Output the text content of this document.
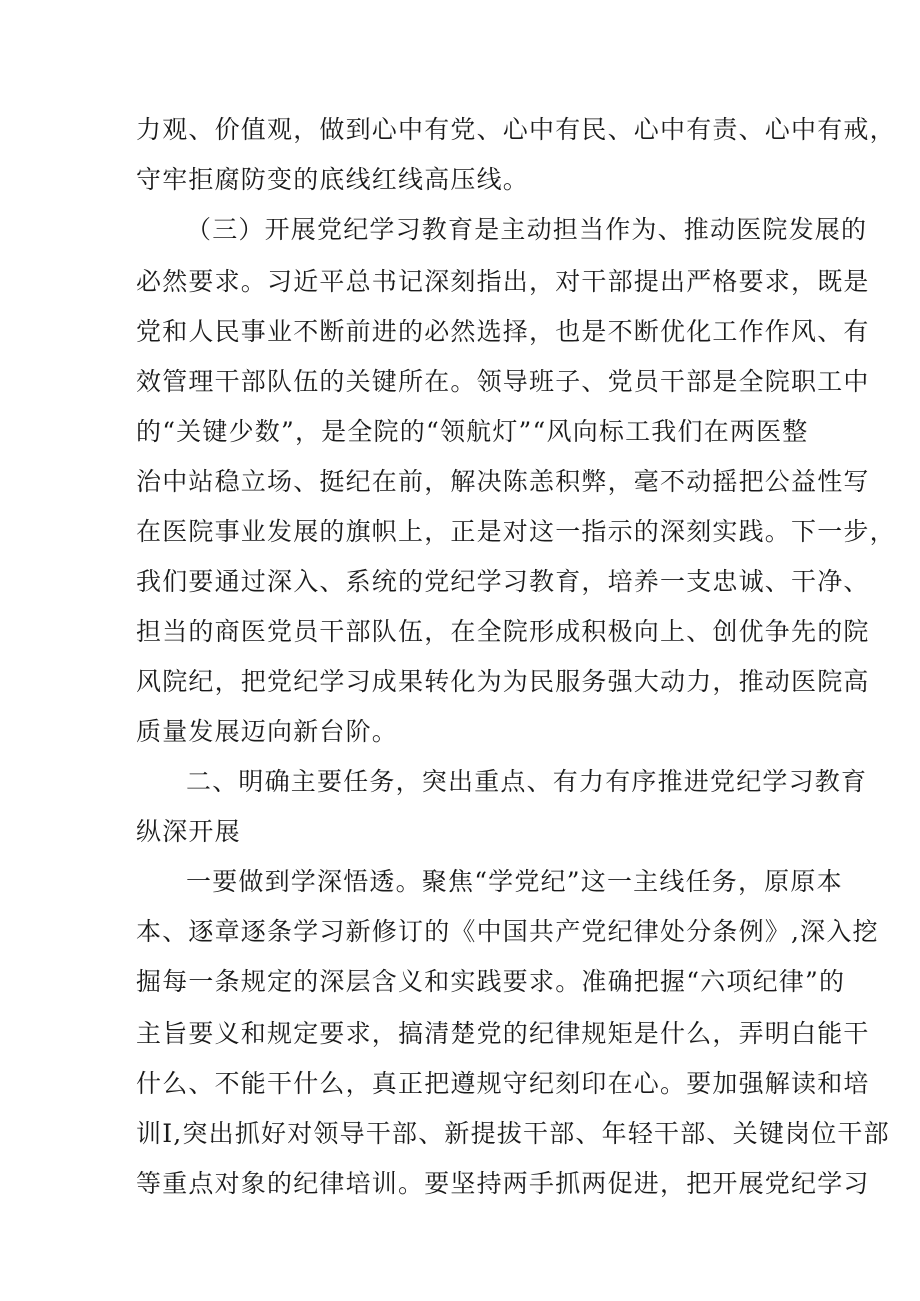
力观、价值观，做到心中有党、心中有民、心中有责、心中有戒，
守牢拒腐防变的底线红线高压线。
（三）开展党纪学习教育是主动担当作为、推动医院发展的
必然要求。习近平总书记深刻指出，对干部提出严格要求，既是
党和人民事业不断前进的必然选择，也是不断优化工作作风、有
效管理干部队伍的关键所在。领导班子、党员干部是全院职工中
的“关键少数”，是全院的“领航灯”“风向标工我们在两医整
治中站稳立场、挺纪在前，解决陈恙积弊，毫不动摇把公益性写
在医院事业发展的旗帜上，正是对这一指示的深刻实践。下一步，
我们要通过深入、系统的党纪学习教育，培养一支忠诚、干净、
担当的商医党员干部队伍，在全院形成积极向上、创优争先的院
风院纪，把党纪学习成果转化为为民服务强大动力，推动医院高
质量发展迈向新台阶。
二、明确主要任务，突出重点、有力有序推进党纪学习教育
纵深开展
一要做到学深悟透。聚焦“学党纪”这一主线任务，原原本
本、逐章逐条学习新修订的《中国共产党纪律处分条例》,深入挖
掘每一条规定的深层含义和实践要求。准确把握“六项纪律”的
主旨要义和规定要求，搞清楚党的纪律规矩是什么，弄明白能干
什么、不能干什么，真正把遵规守纪刻印在心。要加强解读和培
训I,突出抓好对领导干部、新提拔干部、年轻干部、关键岗位干部
等重点对象的纪律培训。要坚持两手抓两促进，把开展党纪学习
